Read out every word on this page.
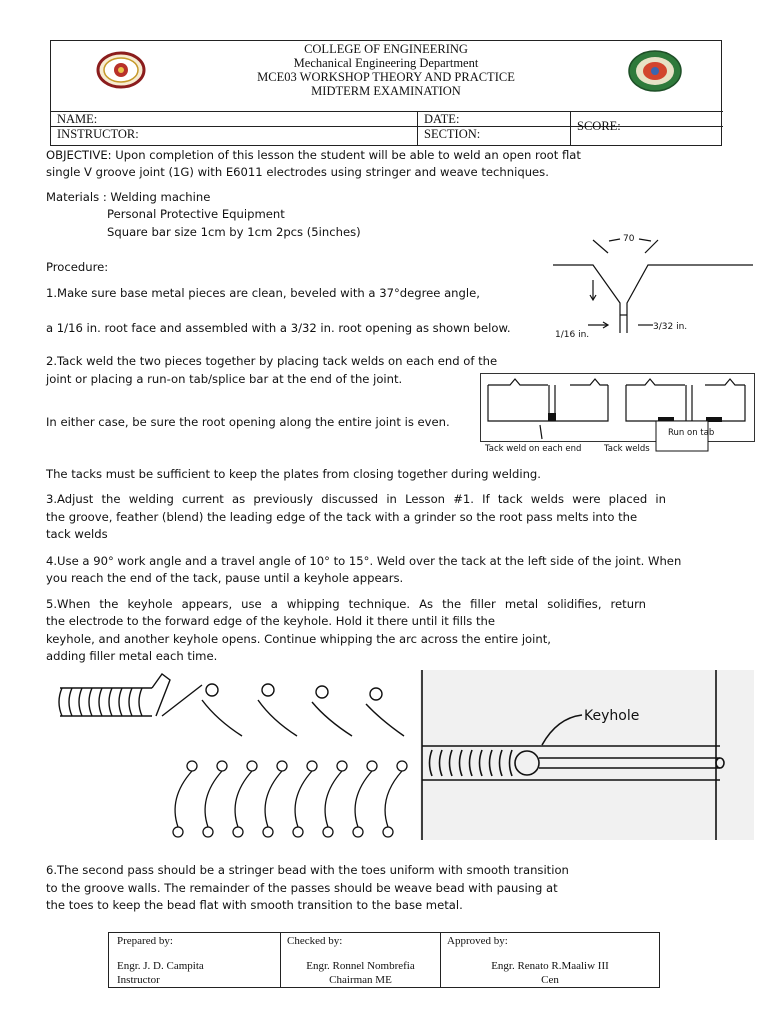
COLLEGE OF ENGINEERING
Mechanical Engineering Department
MCE03 WORKSHOP THEORY AND PRACTICE
MIDTERM EXAMINATION
NAME:	DATE:
INSTRUCTOR:	SECTION:
SCORE:
OBJECTIVE: Upon completion of this lesson the student will be able to weld an open root flat
single V groove joint (1G) with E6011 electrodes using stringer and weave techniques.
Materials : Welding machine
Personal Protective Equipment
Square bar size 1cm by 1cm 2pcs (5inches)
Procedure:
1.Make sure base metal pieces are clean, beveled with a 37°degree angle,
a 1/16 in. root face and assembled with a 3/32 in. root opening as shown below.
70
1/16 in.
3/32 in.
2.Tack weld the two pieces together by placing tack welds on each end of the
joint or placing a run-on tab/splice bar at the end of the joint.
In either case, be sure the root opening along the entire joint is even.
Tack weld on each end	Tack welds
Run on tab
The tacks must be sufficient to keep the plates from closing together during welding.
3.Adjust the welding current as previously discussed in Lesson #1. If tack welds were placed in
the groove, feather (blend) the leading edge of the tack with a grinder so the root pass melts into the
tack welds
4.Use a 90° work angle and a travel angle of 10° to 15°. Weld over the tack at the left side of the joint. When
you reach the end of the tack, pause until a keyhole appears.
5.When the keyhole appears, use a whipping technique. As the filler metal solidifies, return
the electrode to the forward edge of the keyhole. Hold it there until it fills the
keyhole, and another keyhole opens. Continue whipping the arc across the entire joint,
adding filler metal each time.
Keyhole
6.The second pass should be a stringer bead with the toes uniform with smooth transition
to the groove walls. The remainder of the passes should be weave bead with pausing at
the toes to keep the bead flat with smooth transition to the base metal.
Prepared by:
Engr. J. D. Campita
Instructor
Checked by:
Engr. Ronnel Nombrefia
Chairman ME
Approved by:
Engr. Renato R.Maaliw III
Cen
